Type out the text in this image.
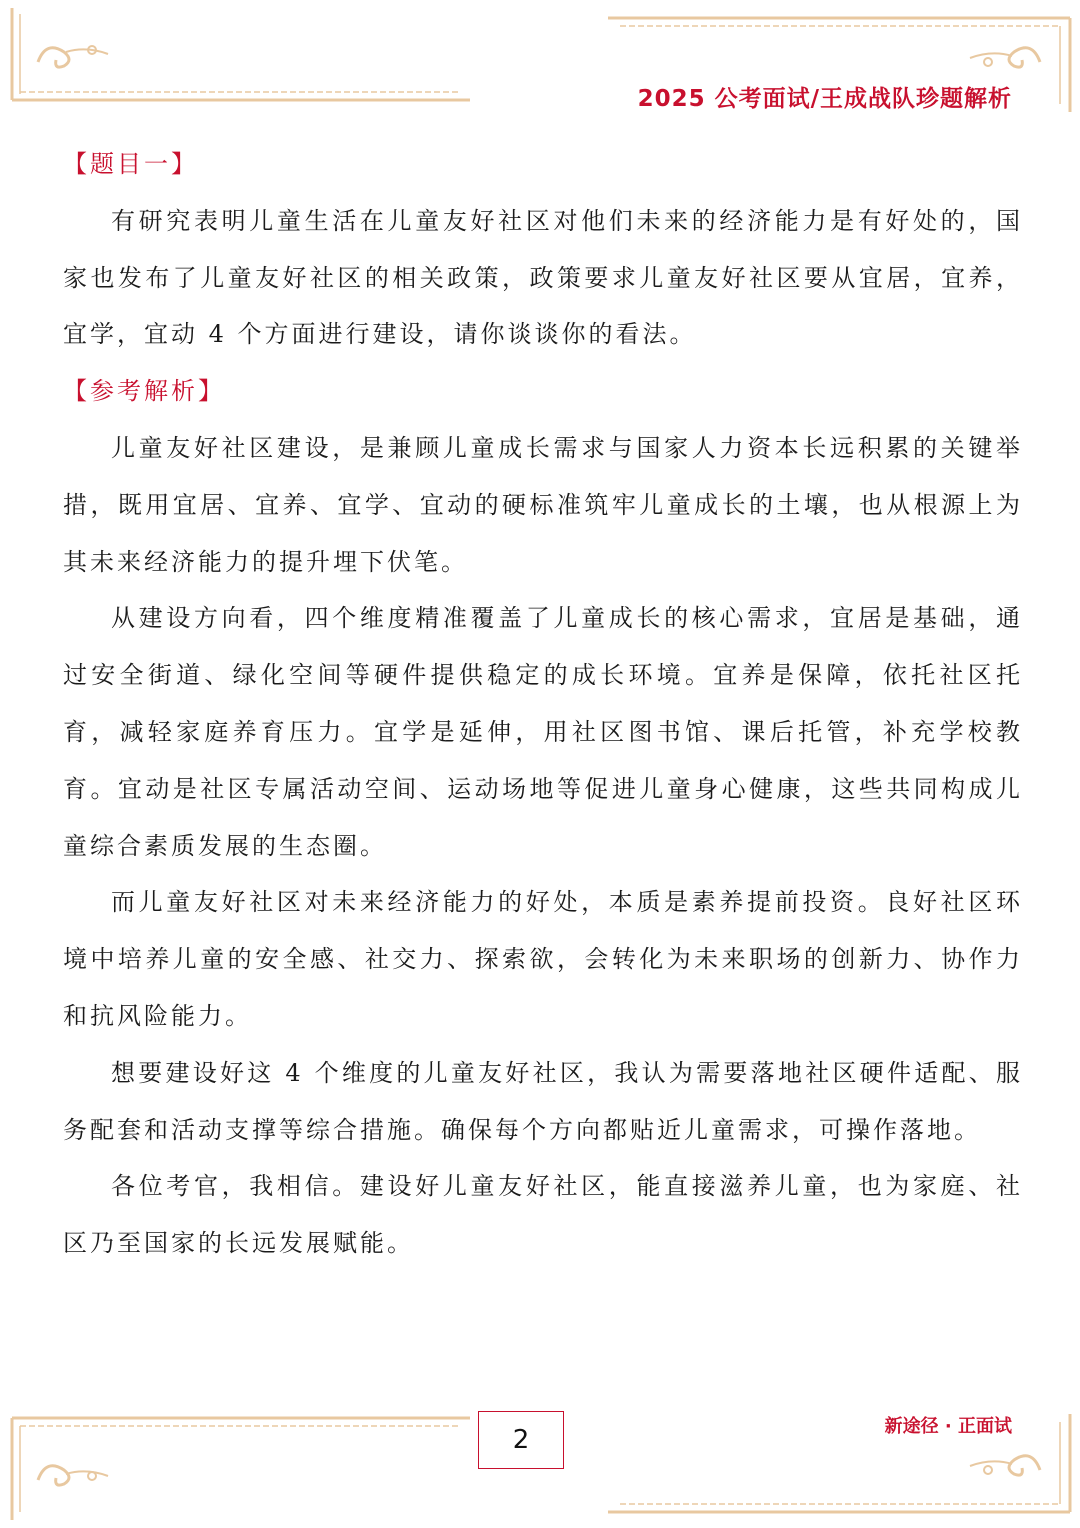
2025 公考面试/王成战队珍题解析
【题目一】

有研究表明儿童生活在儿童友好社区对他们未来的经济能力是有好处的，国家也发布了儿童友好社区的相关政策，政策要求儿童友好社区要从宜居，宜养，宜学，宜动 4 个方面进行建设，请你谈谈你的看法。

【参考解析】

儿童友好社区建设，是兼顾儿童成长需求与国家人力资本长远积累的关键举措，既用宜居、宜养、宜学、宜动的硬标准筑牢儿童成长的土壤，也从根源上为其未来经济能力的提升埋下伏笔。

从建设方向看，四个维度精准覆盖了儿童成长的核心需求，宜居是基础，通过安全街道、绿化空间等硬件提供稳定的成长环境。宜养是保障，依托社区托育，减轻家庭养育压力。宜学是延伸，用社区图书馆、课后托管，补充学校教育。宜动是社区专属活动空间、运动场地等促进儿童身心健康，这些共同构成儿童综合素质发展的生态圈。

而儿童友好社区对未来经济能力的好处，本质是素养提前投资。良好社区环境中培养儿童的安全感、社交力、探索欲，会转化为未来职场的创新力、协作力和抗风险能力。

想要建设好这 4 个维度的儿童友好社区，我认为需要落地社区硬件适配、服务配套和活动支撑等综合措施。确保每个方向都贴近儿童需求，可操作落地。

各位考官，我相信。建设好儿童友好社区，能直接滋养儿童，也为家庭、社区乃至国家的长远发展赋能。

2	新途径 · 正面试
